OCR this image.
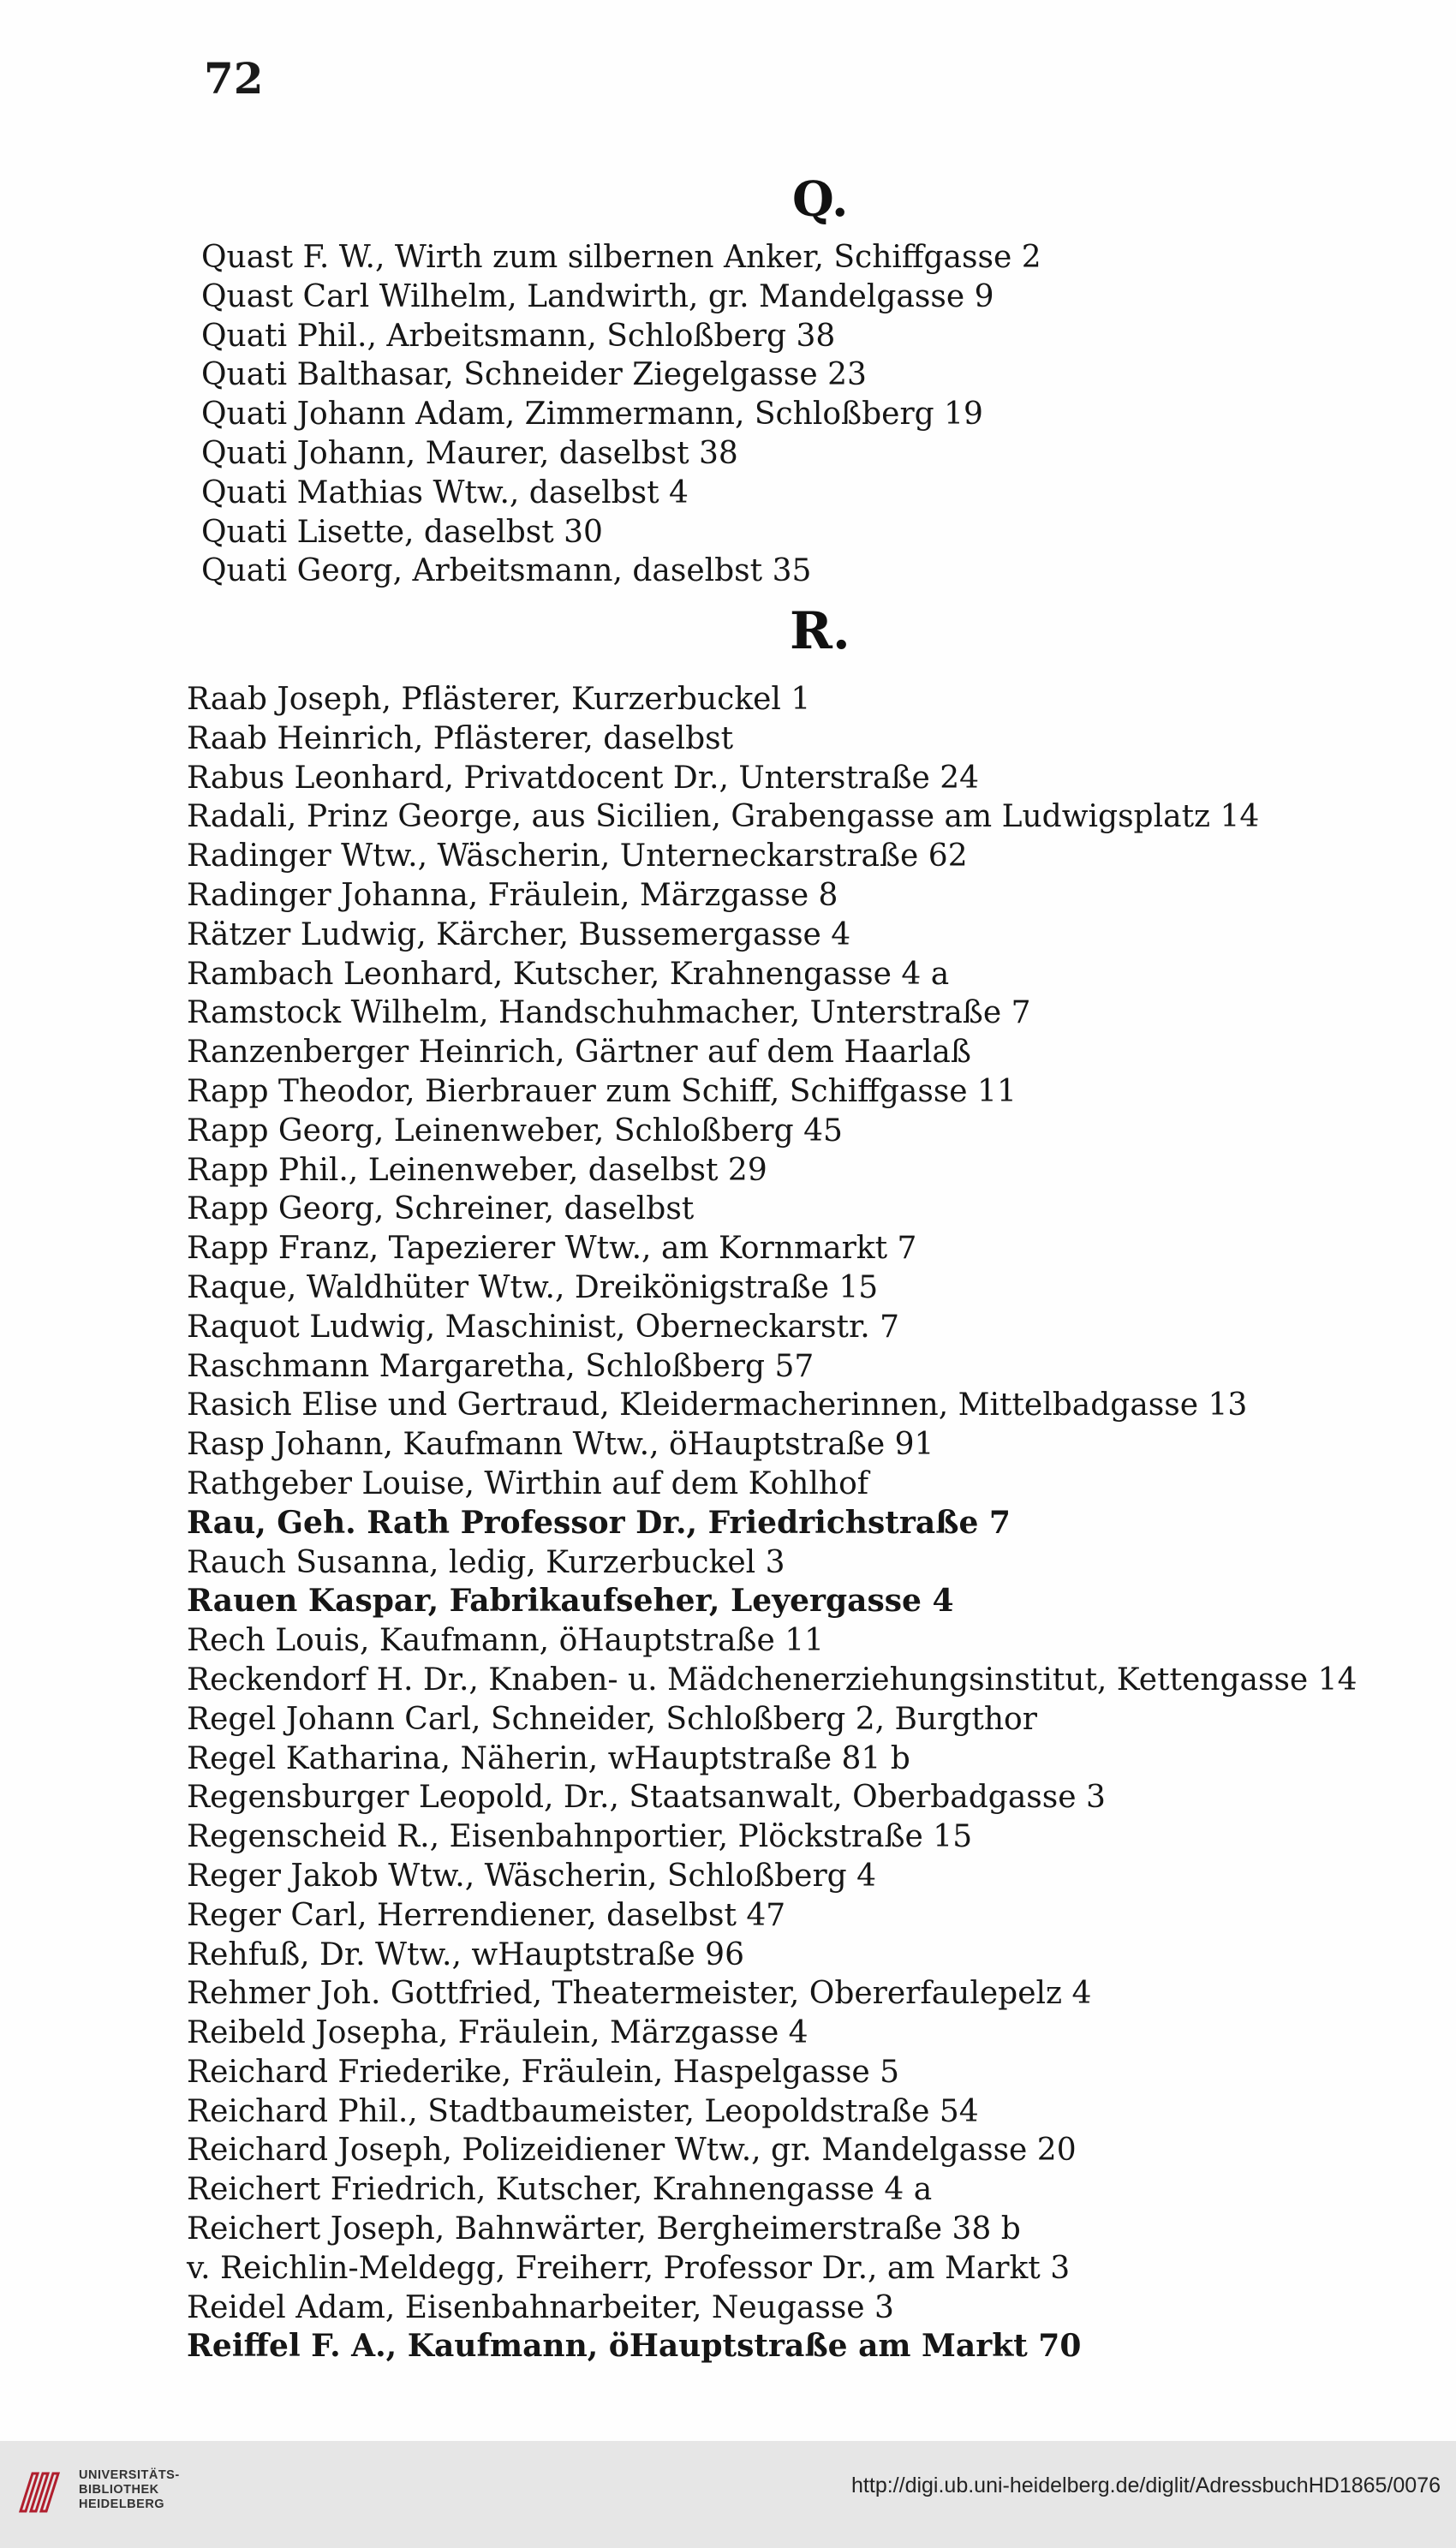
72
Q.
Quast F. W., Wirth zum silbernen Anker, Schiffgasse 2
Quast Carl Wilhelm, Landwirth, gr. Mandelgasse 9
Quati Phil., Arbeitsmann, Schloßberg 38
Quati Balthasar, Schneider Ziegelgasse 23
Quati Johann Adam, Zimmermann, Schloßberg 19
Quati Johann, Maurer, daselbst 38
Quati Mathias Wtw., daselbst 4
Quati Lisette, daselbst 30
Quati Georg, Arbeitsmann, daselbst 35
R.
Raab Joseph, Pflästerer, Kurzerbuckel 1
Raab Heinrich, Pflästerer, daselbst
Rabus Leonhard, Privatdocent Dr., Unterstraße 24
Radali, Prinz George, aus Sicilien, Grabengasse am Ludwigsplatz 14
Radinger Wtw., Wäscherin, Unterneckarstraße 62
Radinger Johanna, Fräulein, Märzgasse 8
Rätzer Ludwig, Kärcher, Bussemergasse 4
Rambach Leonhard, Kutscher, Krahnengasse 4 a
Ramstock Wilhelm, Handschuhmacher, Unterstraße 7
Ranzenberger Heinrich, Gärtner auf dem Haarlaß
Rapp Theodor, Bierbrauer zum Schiff, Schiffgasse 11
Rapp Georg, Leinenweber, Schloßberg 45
Rapp Phil., Leinenweber, daselbst 29
Rapp Georg, Schreiner, daselbst
Rapp Franz, Tapezierer Wtw., am Kornmarkt 7
Raque, Waldhüter Wtw., Dreikönigstraße 15
Raquot Ludwig, Maschinist, Oberneckarstr. 7
Raschmann Margaretha, Schloßberg 57
Rasich Elise und Gertraud, Kleidermacherinnen, Mittelbadgasse 13
Rasp Johann, Kaufmann Wtw., öHauptstraße 91
Rathgeber Louise, Wirthin auf dem Kohlhof
Rau, Geh. Rath Professor Dr., Friedrichstraße 7
Rauch Susanna, ledig, Kurzerbuckel 3
Rauen Kaspar, Fabrikaufseher, Leyergasse 4
Rech Louis, Kaufmann, öHauptstraße 11
Reckendorf H. Dr., Knaben- u. Mädchenerziehungsinstitut, Kettengasse 14
Regel Johann Carl, Schneider, Schloßberg 2, Burgthor
Regel Katharina, Näherin, wHauptstraße 81 b
Regensburger Leopold, Dr., Staatsanwalt, Oberbadgasse 3
Regenscheid R., Eisenbahnportier, Plöckstraße 15
Reger Jakob Wtw., Wäscherin, Schloßberg 4
Reger Carl, Herrendiener, daselbst 47
Rehfuß, Dr. Wtw., wHauptstraße 96
Rehmer Joh. Gottfried, Theatermeister, Obererfaulepelz 4
Reibeld Josepha, Fräulein, Märzgasse 4
Reichard Friederike, Fräulein, Haspelgasse 5
Reichard Phil., Stadtbaumeister, Leopoldstraße 54
Reichard Joseph, Polizeidiener Wtw., gr. Mandelgasse 20
Reichert Friedrich, Kutscher, Krahnengasse 4 a
Reichert Joseph, Bahnwärter, Bergheimerstraße 38 b
v. Reichlin-Meldegg, Freiherr, Professor Dr., am Markt 3
Reidel Adam, Eisenbahnarbeiter, Neugasse 3
Reiffel F. A., Kaufmann, öHauptstraße am Markt 70
UNIVERSITÄTS-
BIBLIOTHEK
HEIDELBERG
http://digi.ub.uni-heidelberg.de/diglit/AdressbuchHD1865/0076
